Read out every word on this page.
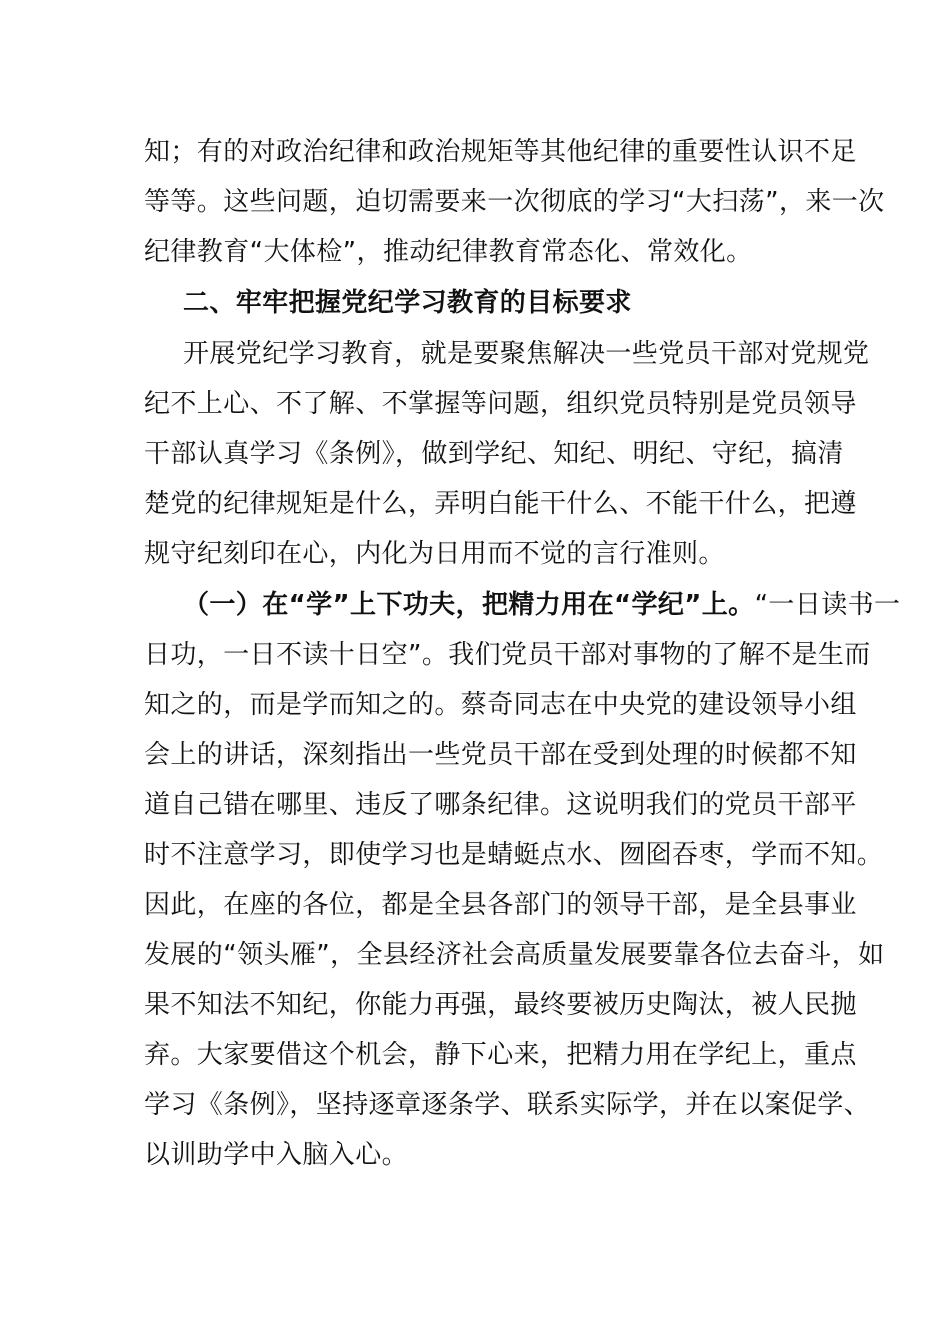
知；有的对政治纪律和政治规矩等其他纪律的重要性认识不足
等等。这些问题，迫切需要来一次彻底的学习“大扫荡”，来一次
纪律教育“大体检”，推动纪律教育常态化、常效化。
二、牢牢把握党纪学习教育的目标要求
开展党纪学习教育，就是要聚焦解决一些党员干部对党规党
纪不上心、不了解、不掌握等问题，组织党员特别是党员领导
干部认真学习《条例》，做到学纪、知纪、明纪、守纪，搞清
楚党的纪律规矩是什么，弄明白能干什么、不能干什么，把遵
规守纪刻印在心，内化为日用而不觉的言行准则。
（一）在“学”上下功夫，把精力用在“学纪”上。“一日读书一
日功，一日不读十日空”。我们党员干部对事物的了解不是生而
知之的，而是学而知之的。蔡奇同志在中央党的建设领导小组
会上的讲话，深刻指出一些党员干部在受到处理的时候都不知
道自己错在哪里、违反了哪条纪律。这说明我们的党员干部平
时不注意学习，即使学习也是蜻蜓点水、囫囵吞枣，学而不知。
因此，在座的各位，都是全县各部门的领导干部，是全县事业
发展的“领头雁”，全县经济社会高质量发展要靠各位去奋斗，如
果不知法不知纪，你能力再强，最终要被历史陶汰，被人民抛
弃。大家要借这个机会，静下心来，把精力用在学纪上，重点
学习《条例》，坚持逐章逐条学、联系实际学，并在以案促学、
以训助学中入脑入心。
